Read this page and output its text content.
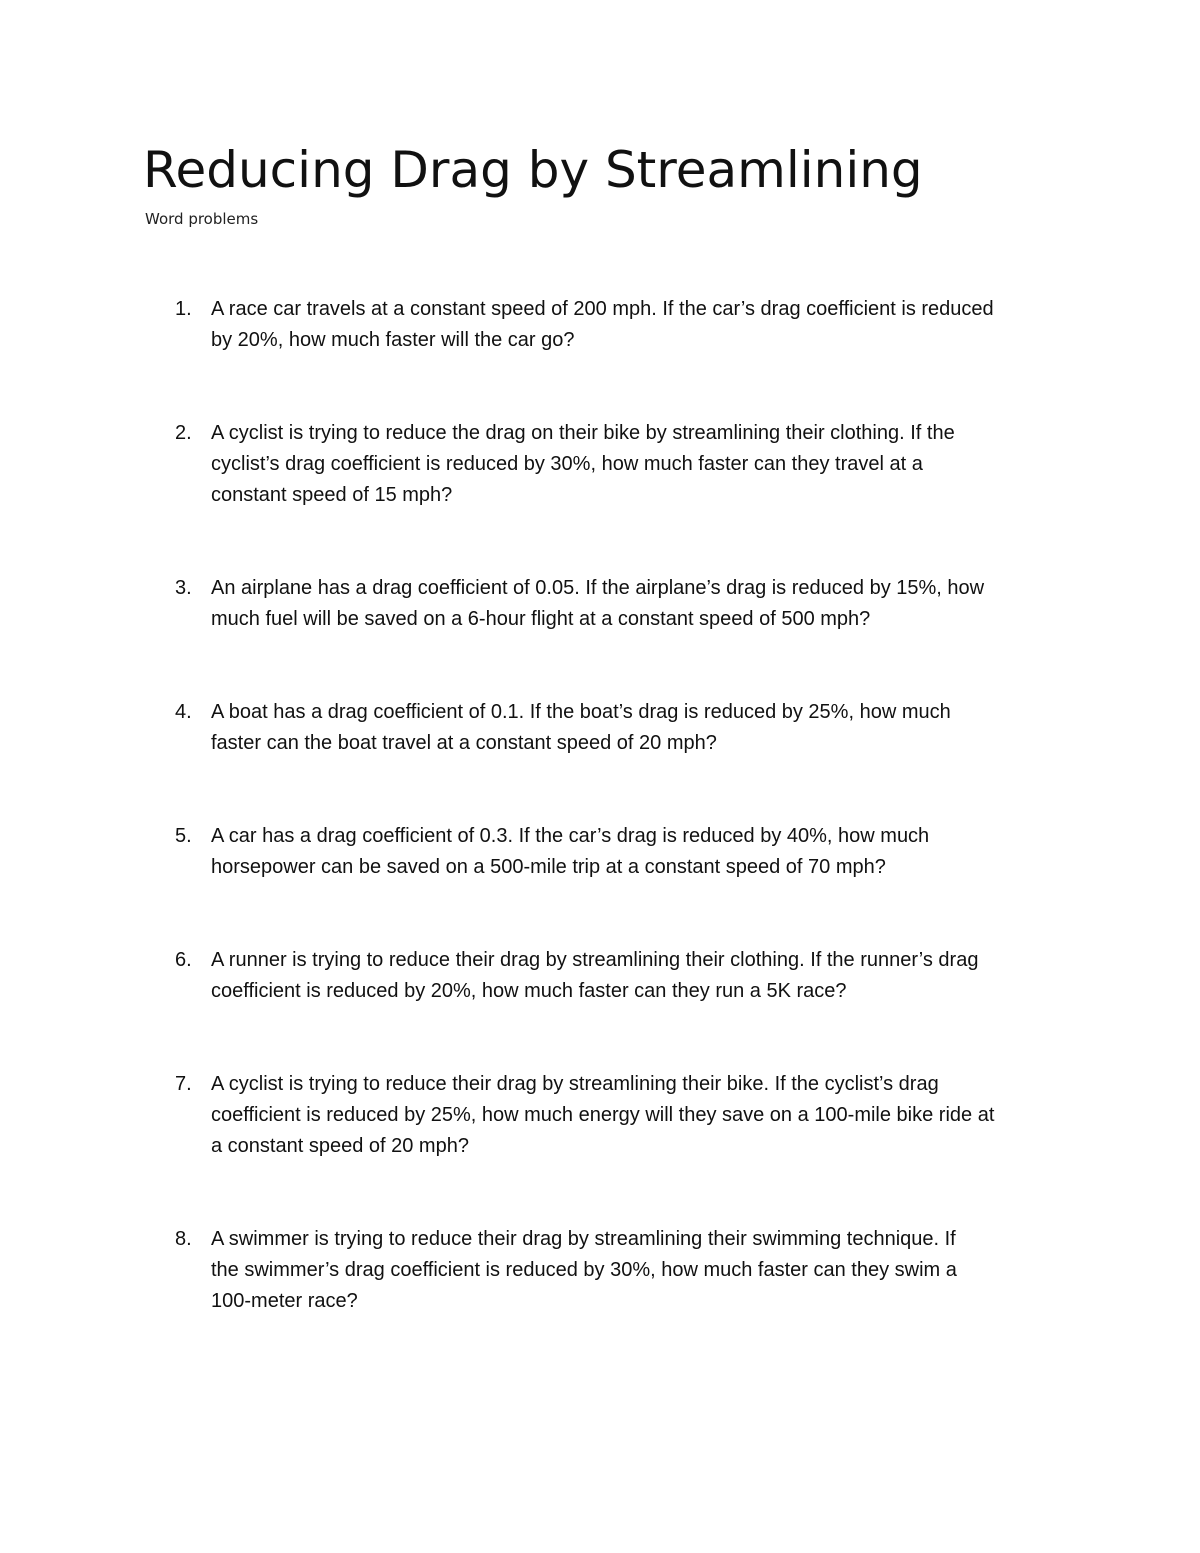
Reducing Drag by Streamlining
Word problems
1. A race car travels at a constant speed of 200 mph. If the car’s drag coefficient is reduced
by 20%, how much faster will the car go?
2. A cyclist is trying to reduce the drag on their bike by streamlining their clothing. If the
cyclist’s drag coefficient is reduced by 30%, how much faster can they travel at a
constant speed of 15 mph?
3. An airplane has a drag coefficient of 0.05. If the airplane’s drag is reduced by 15%, how
much fuel will be saved on a 6-hour flight at a constant speed of 500 mph?
4. A boat has a drag coefficient of 0.1. If the boat’s drag is reduced by 25%, how much
faster can the boat travel at a constant speed of 20 mph?
5. A car has a drag coefficient of 0.3. If the car’s drag is reduced by 40%, how much
horsepower can be saved on a 500-mile trip at a constant speed of 70 mph?
6. A runner is trying to reduce their drag by streamlining their clothing. If the runner’s drag
coefficient is reduced by 20%, how much faster can they run a 5K race?
7. A cyclist is trying to reduce their drag by streamlining their bike. If the cyclist’s drag
coefficient is reduced by 25%, how much energy will they save on a 100-mile bike ride at
a constant speed of 20 mph?
8. A swimmer is trying to reduce their drag by streamlining their swimming technique. If
the swimmer’s drag coefficient is reduced by 30%, how much faster can they swim a
100-meter race?
